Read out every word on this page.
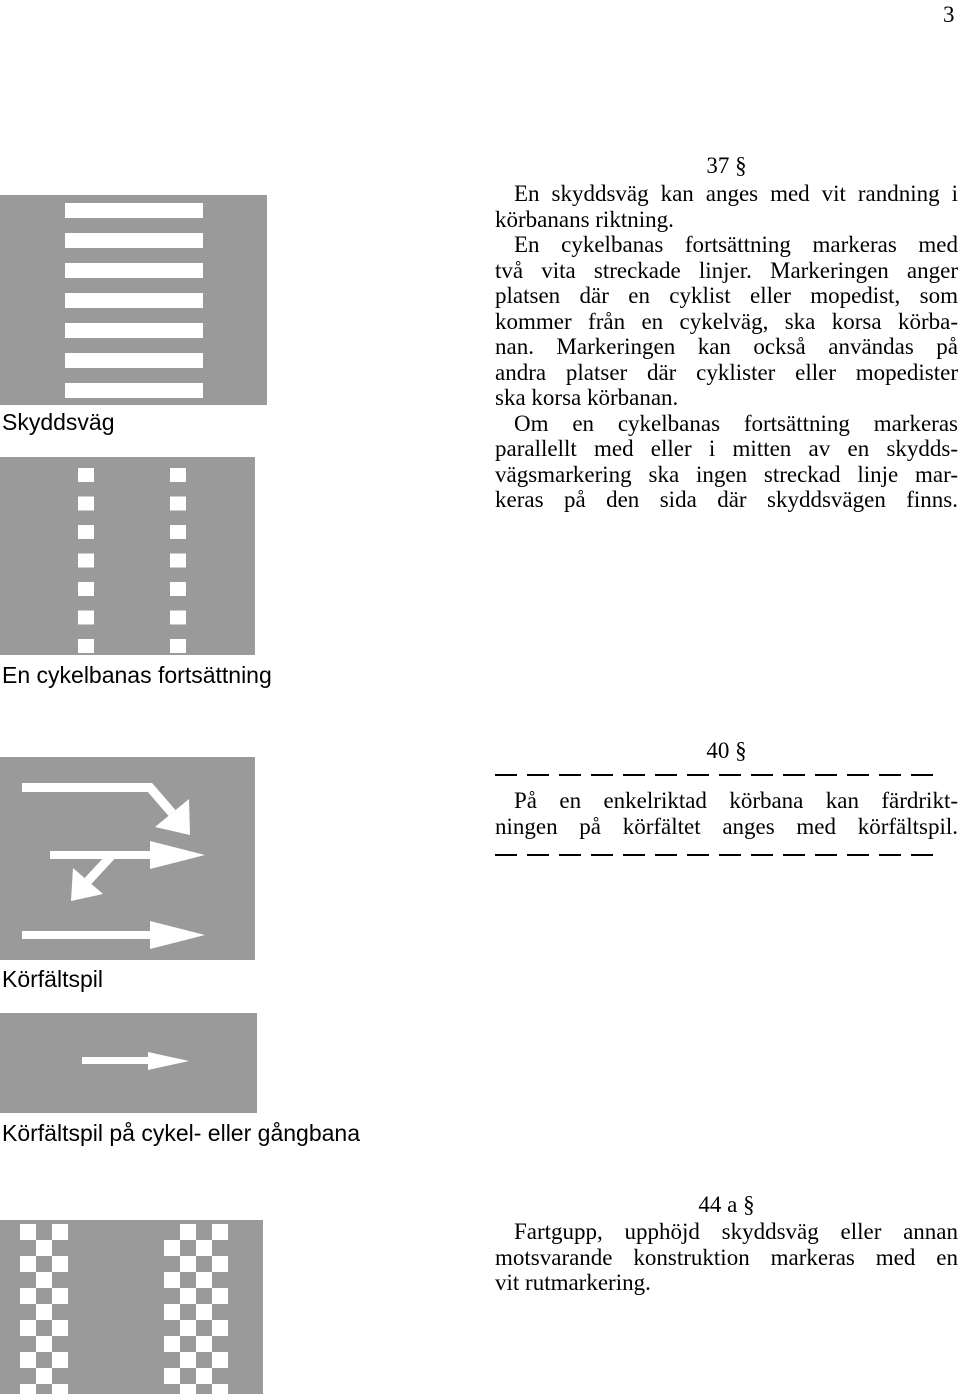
3
Skyddsväg
En cykelbanas fortsättning
Körfältspil
Körfältspil på cykel- eller gångbana
37 §
En skyddsväg kan anges med vit randning i
körbanans riktning.
En cykelbanas fortsättning markeras med
två vita streckade linjer. Markeringen anger
platsen där en cyklist eller mopedist, som
kommer från en cykelväg, ska korsa körba-
nan. Markeringen kan också användas på
andra platser där cyklister eller mopedister
ska korsa körbanan.
Om en cykelbanas fortsättning markeras
parallellt med eller i mitten av en skydds-
vägsmarkering ska ingen streckad linje mar-
keras på den sida där skyddsvägen finns.
40 §
På en enkelriktad körbana kan färdrikt-
ningen på körfältet anges med körfältspil.
44 a §
Fartgupp, upphöjd skyddsväg eller annan
motsvarande konstruktion markeras med en
vit rutmarkering.
